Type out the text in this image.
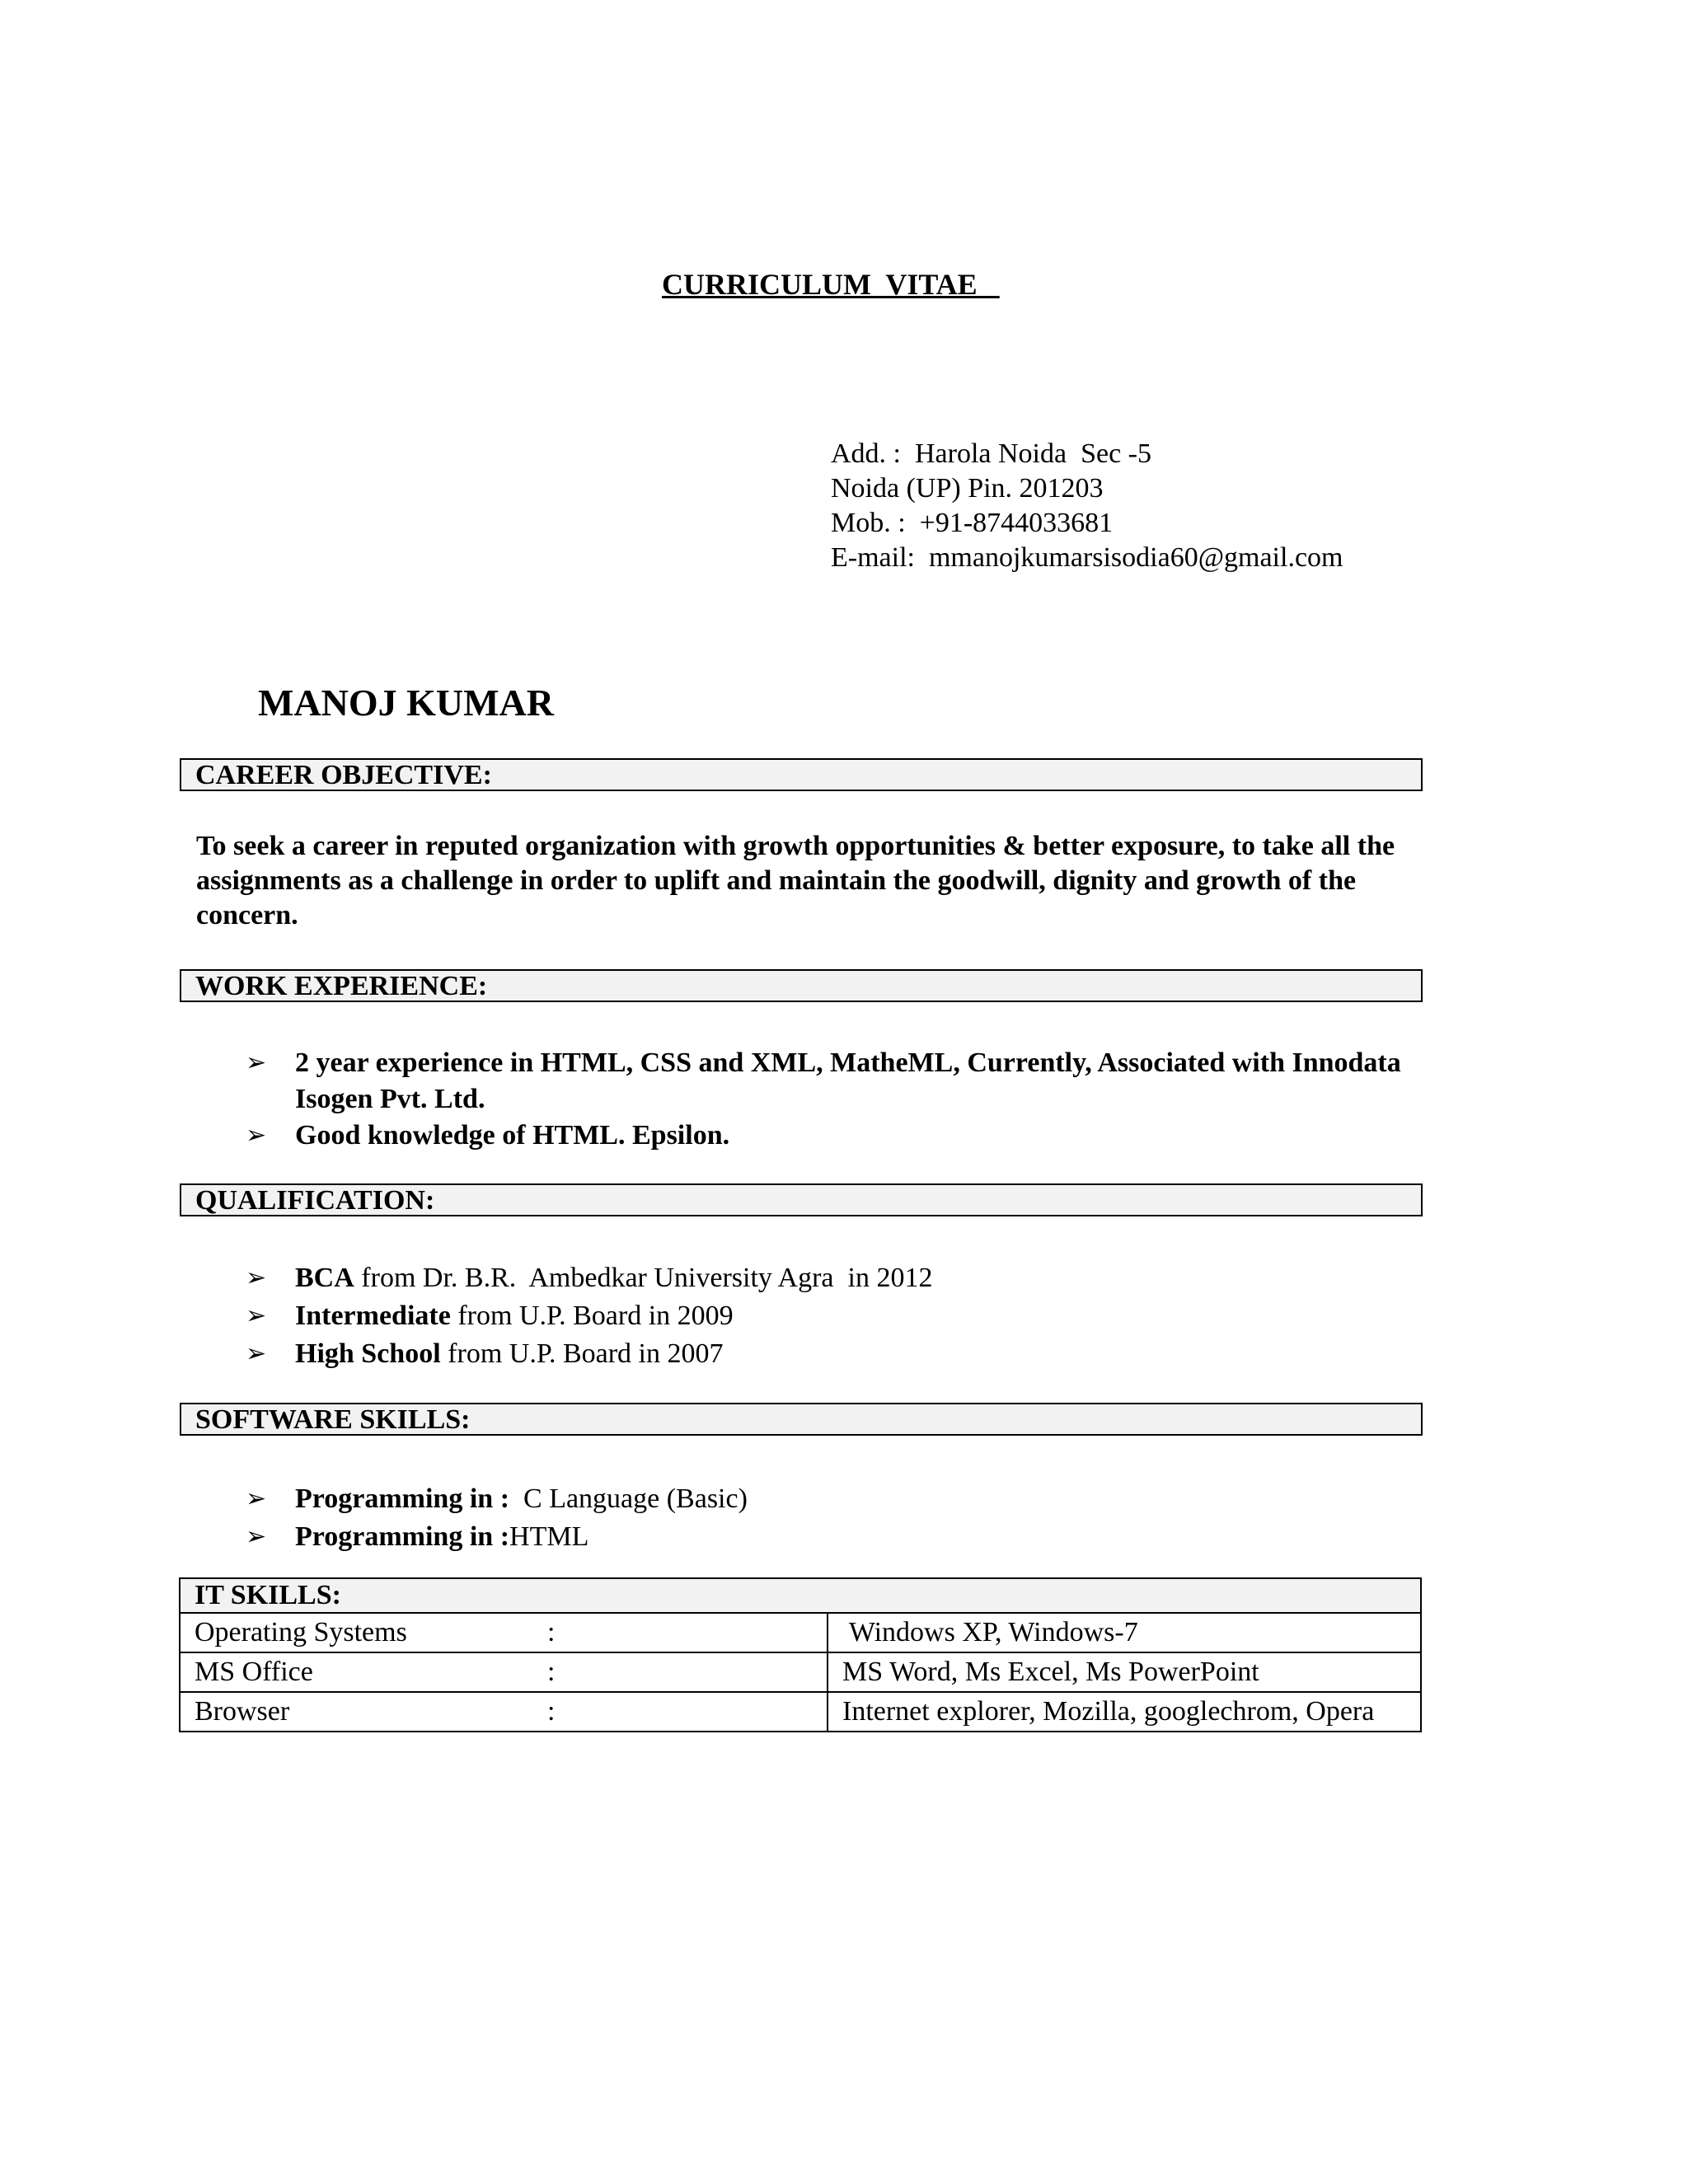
CURRICULUM  VITAE
Add. :  Harola Noida  Sec -5
Noida (UP) Pin. 201203
Mob. :  +91-8744033681
E-mail:  mmanojkumarsisodia60@gmail.com
MANOJ KUMAR
CAREER OBJECTIVE:
To seek a career in reputed organization with growth opportunities & better exposure, to take all the assignments as a challenge in order to uplift and maintain the goodwill, dignity and growth of the concern.
WORK EXPERIENCE:
➢ 2 year experience in HTML, CSS and XML, MatheML, Currently, Associated with Innodata Isogen Pvt. Ltd.
➢ Good knowledge of HTML. Epsilon.
QUALIFICATION:
➢ BCA from Dr. B.R.  Ambedkar University Agra  in 2012
➢ Intermediate from U.P. Board in 2009
➢ High School from U.P. Board in 2007
SOFTWARE SKILLS:
➢ Programming in :  C Language (Basic)
➢ Programming in :HTML
IT SKILLS:	
Operating Systems :	Windows XP, Windows-7
MS Office :	MS Word, Ms Excel, Ms PowerPoint
Browser :	Internet explorer, Mozilla, googlechrom, Opera
